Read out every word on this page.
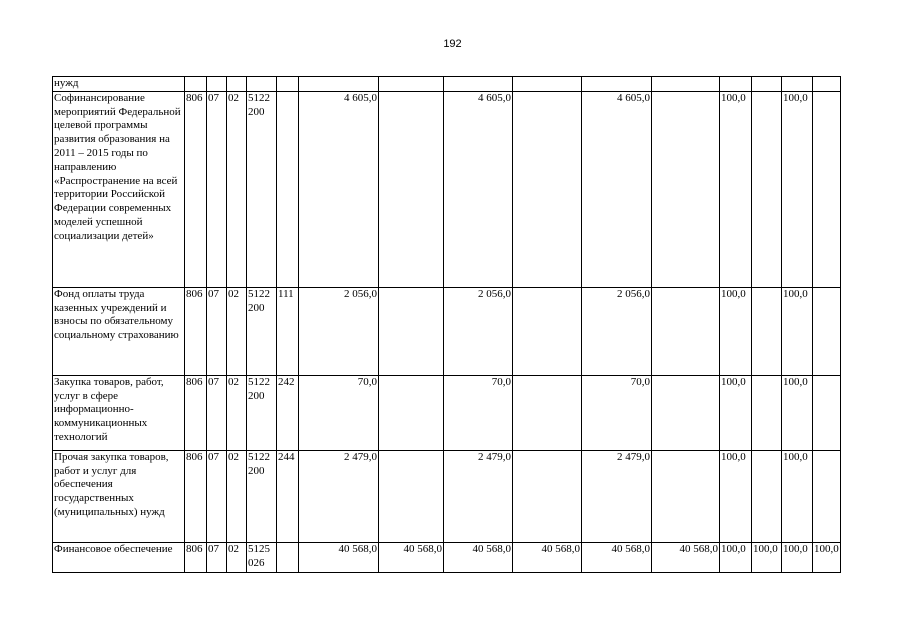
192
нужд															
Софинансирование мероприятий Федеральной целевой программы развития образования на 2011 – 2015 годы по направлению «Распространение на всей территории Российской Федерации современных моделей успешной социализации детей»	806	07	02	5122 200		4 605,0		4 605,0		4 605,0		100,0		100,0	
Фонд оплаты труда казенных учреждений и взносы по обязательному социальному страхованию	806	07	02	5122 200	111	2 056,0		2 056,0		2 056,0		100,0		100,0	
Закупка товаров, работ, услуг в сфере информационно-коммуникационных технологий	806	07	02	5122 200	242	70,0		70,0		70,0		100,0		100,0	
Прочая закупка товаров, работ и услуг для обеспечения государственных (муниципальных) нужд	806	07	02	5122 200	244	2 479,0		2 479,0		2 479,0		100,0		100,0	
Финансовое обеспечение	806	07	02	5125 026		40 568,0	40 568,0	40 568,0	40 568,0	40 568,0	40 568,0	100,0	100,0	100,0	100,0
